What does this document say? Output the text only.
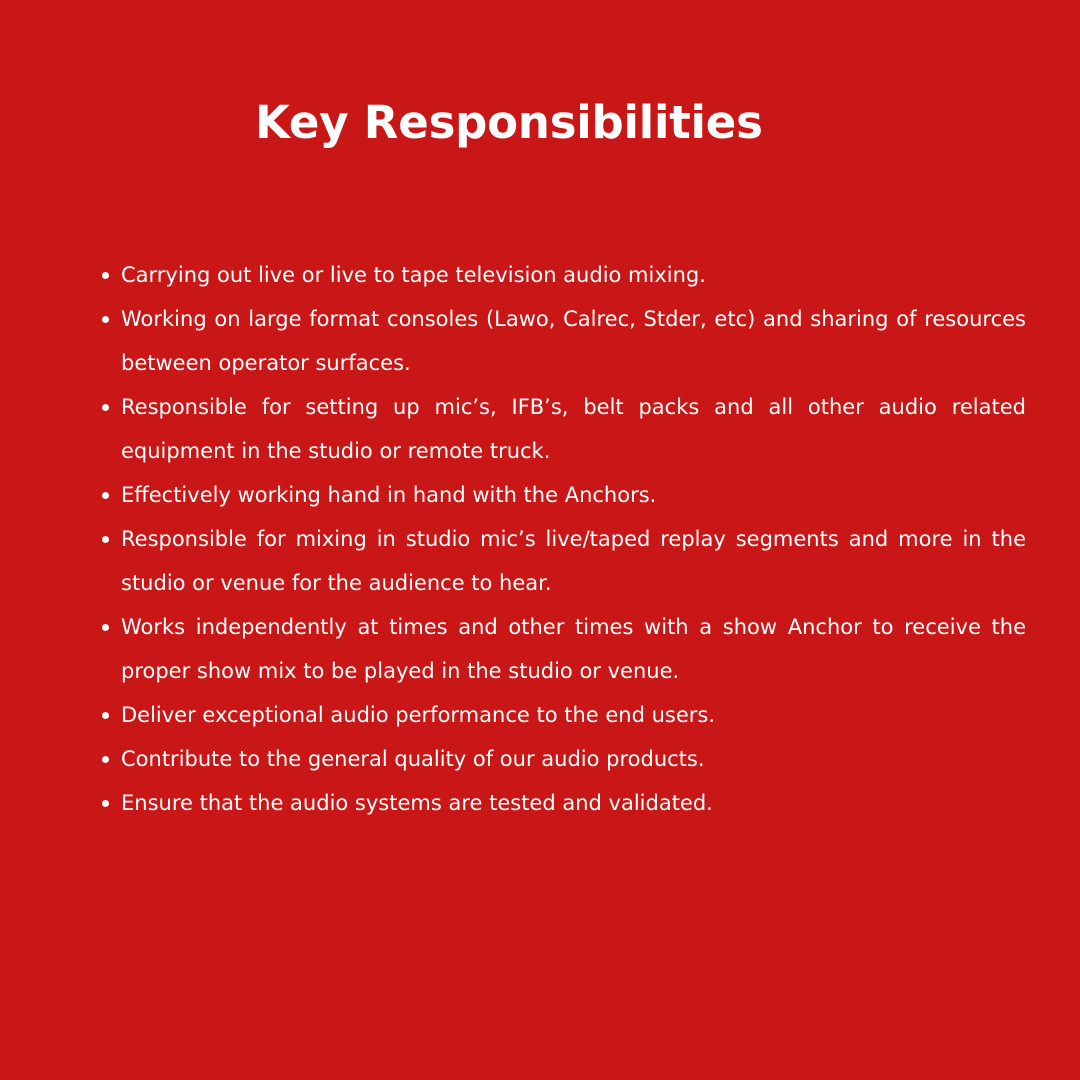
Key Responsibilities
Carrying out live or live to tape television audio mixing.
Working on large format consoles (Lawo, Calrec, Stder, etc) and sharing of resources between operator surfaces.
Responsible for setting up mic’s, IFB’s, belt packs and all other audio related equipment in the studio or remote truck.
Effectively working hand in hand with the Anchors.
Responsible for mixing in studio mic’s live/taped replay segments and more in the studio or venue for the audience to hear.
Works independently at times and other times with a show Anchor to receive the proper show mix to be played in the studio or venue.
Deliver exceptional audio performance to the end users.
Contribute to the general quality of our audio products.
Ensure that the audio systems are tested and validated.
